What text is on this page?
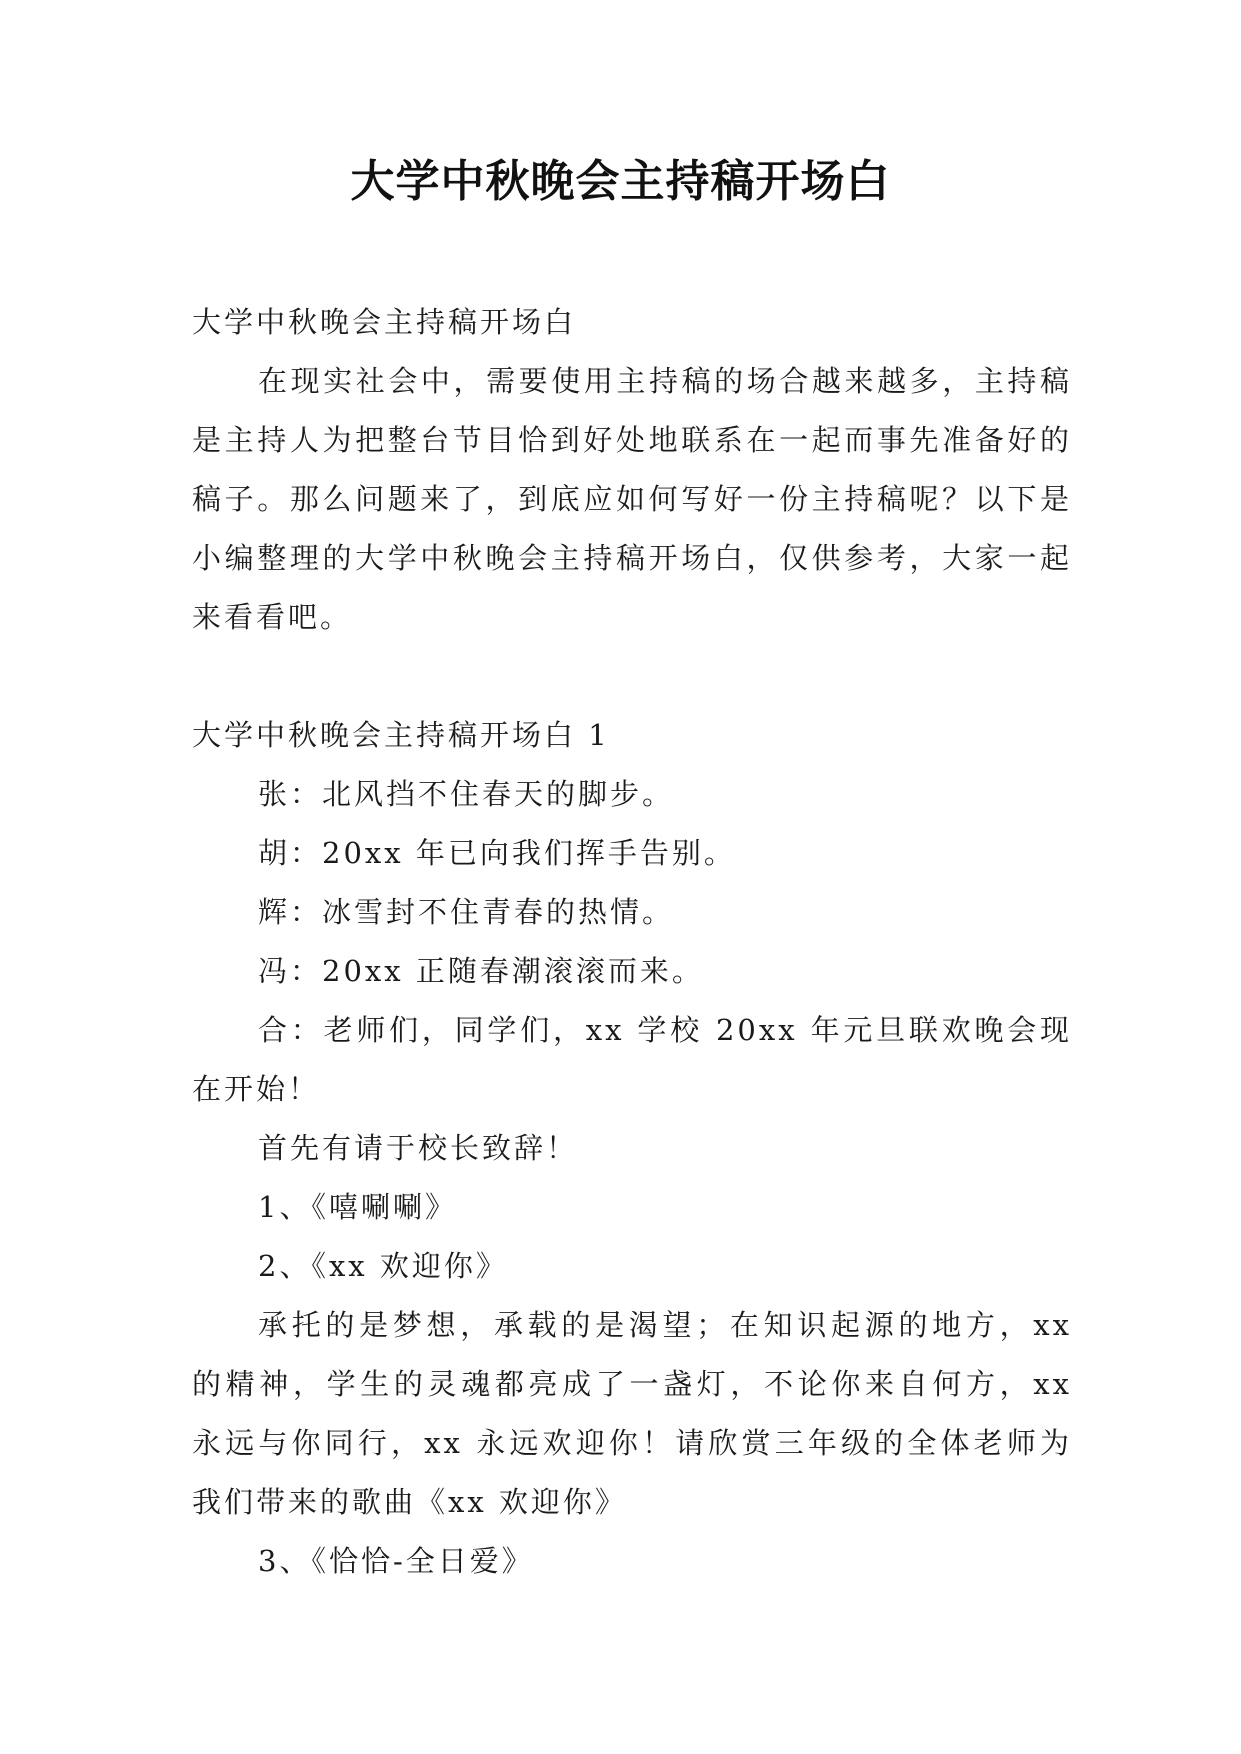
大学中秋晚会主持稿开场白

大学中秋晚会主持稿开场白

在现实社会中，需要使用主持稿的场合越来越多，主持稿是主持人为把整台节目恰到好处地联系在一起而事先准备好的稿子。那么问题来了，到底应如何写好一份主持稿呢？以下是小编整理的大学中秋晚会主持稿开场白，仅供参考，大家一起来看看吧。

大学中秋晚会主持稿开场白 1

张：北风挡不住春天的脚步。

胡：20xx 年已向我们挥手告别。

辉：冰雪封不住青春的热情。

冯：20xx 正随春潮滚滚而来。

合：老师们，同学们，xx 学校 20xx 年元旦联欢晚会现在开始！

首先有请于校长致辞！

1、《嘻唰唰》

2、《xx 欢迎你》

承托的是梦想，承载的是渴望；在知识起源的地方，xx 的精神，学生的灵魂都亮成了一盏灯，不论你来自何方，xx 永远与你同行，xx 永远欢迎你！请欣赏三年级的全体老师为我们带来的歌曲《xx 欢迎你》

3、《恰恰-全日爱》
